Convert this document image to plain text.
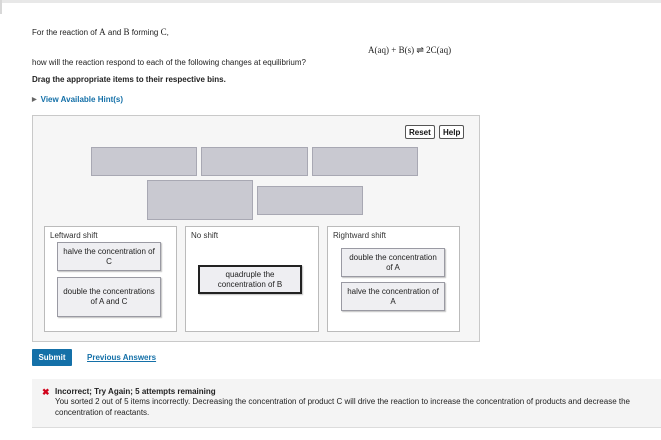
For the reaction of A and B forming C,
A(aq) + B(s) ⇌ 2C(aq)
how will the reaction respond to each of the following changes at equilibrium?
Drag the appropriate items to their respective bins.
▶ View Available Hint(s)
Reset	Help
Leftward shift	No shift	Rightward shift
halve the concentration of C
double the concentrations of A and C
quadruple the concentration of B
double the concentration of A
halve the concentration of A
Submit	Previous Answers
✖ Incorrect; Try Again; 5 attempts remaining
You sorted 2 out of 5 items incorrectly. Decreasing the concentration of product C will drive the reaction to increase the concentration of products and decrease the concentration of reactants.
